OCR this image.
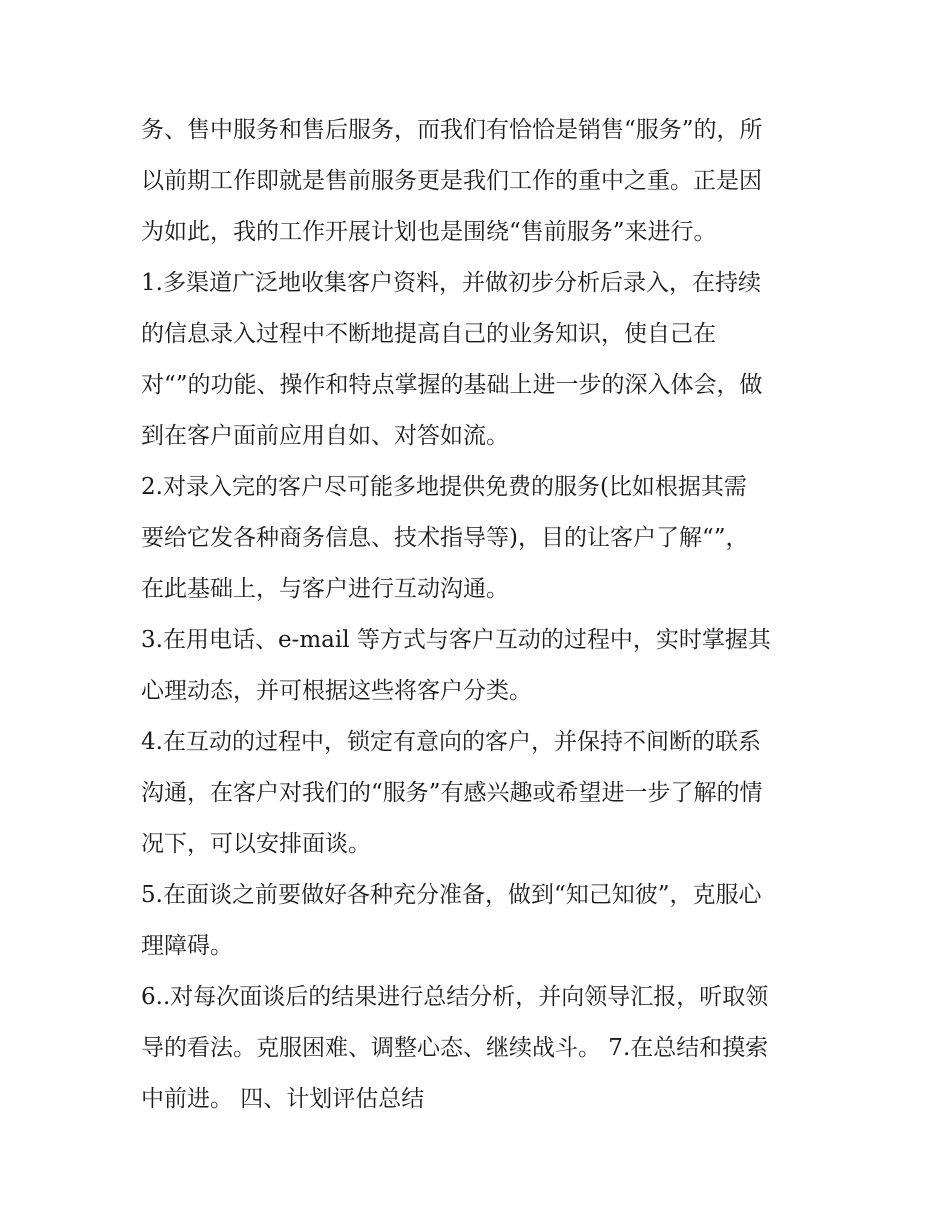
务、售中服务和售后服务，而我们有恰恰是销售“服务”的，所
以前期工作即就是售前服务更是我们工作的重中之重。正是因
为如此，我的工作开展计划也是围绕“售前服务”来进行。
1.多渠道广泛地收集客户资料，并做初步分析后录入，在持续
的信息录入过程中不断地提高自己的业务知识，使自己在
对“”的功能、操作和特点掌握的基础上进一步的深入体会，做
到在客户面前应用自如、对答如流。
2.对录入完的客户尽可能多地提供免费的服务(比如根据其需
要给它发各种商务信息、技术指导等)，目的让客户了解“”，
在此基础上，与客户进行互动沟通。
3.在用电话、e-mail 等方式与客户互动的过程中，实时掌握其
心理动态，并可根据这些将客户分类。
4.在互动的过程中，锁定有意向的客户，并保持不间断的联系
沟通，在客户对我们的“服务”有感兴趣或希望进一步了解的情
况下，可以安排面谈。
5.在面谈之前要做好各种充分准备，做到“知己知彼”，克服心
理障碍。
6..对每次面谈后的结果进行总结分析，并向领导汇报，听取领
导的看法。克服困难、调整心态、继续战斗。 7.在总结和摸索
中前进。 四、计划评估总结
